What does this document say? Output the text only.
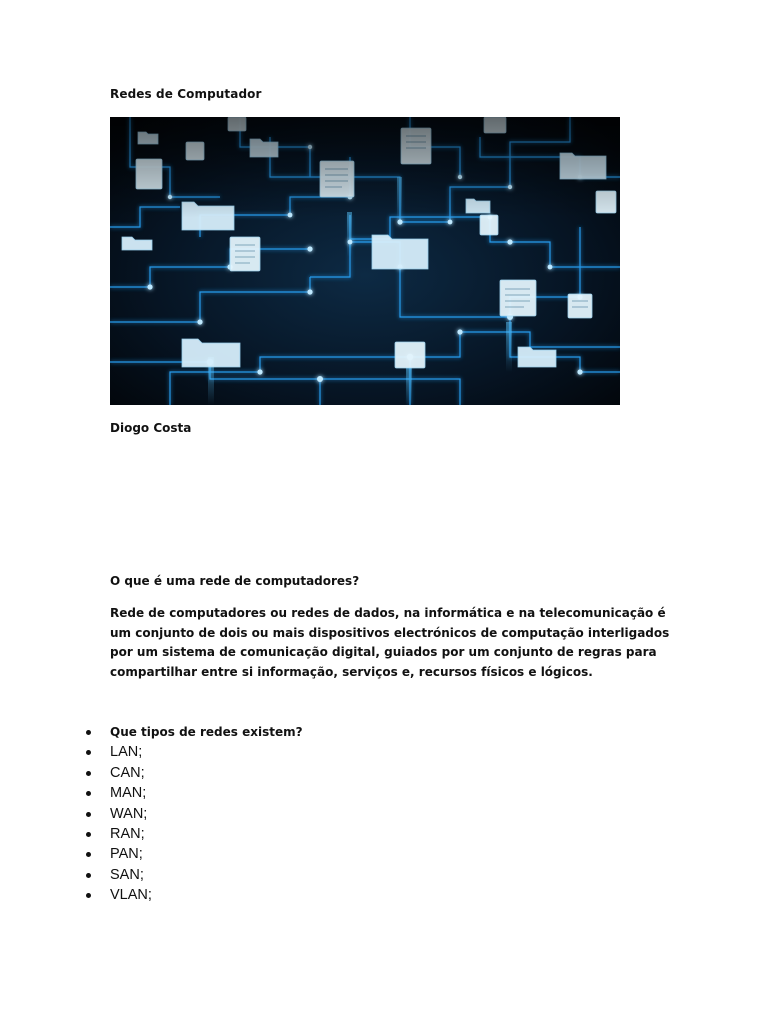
Redes de Computador
Diogo Costa
O que é uma rede de computadores?
Rede de computadores ou redes de dados, na informática e na telecomunicação é um conjunto de dois ou mais dispositivos electrónicos de computação interligados por um sistema de comunicação digital, guiados por um conjunto de regras para compartilhar entre si informação, serviços e, recursos físicos e lógicos.
Que tipos de redes existem?
LAN;
CAN;
MAN;
WAN;
RAN;
PAN;
SAN;
VLAN;
